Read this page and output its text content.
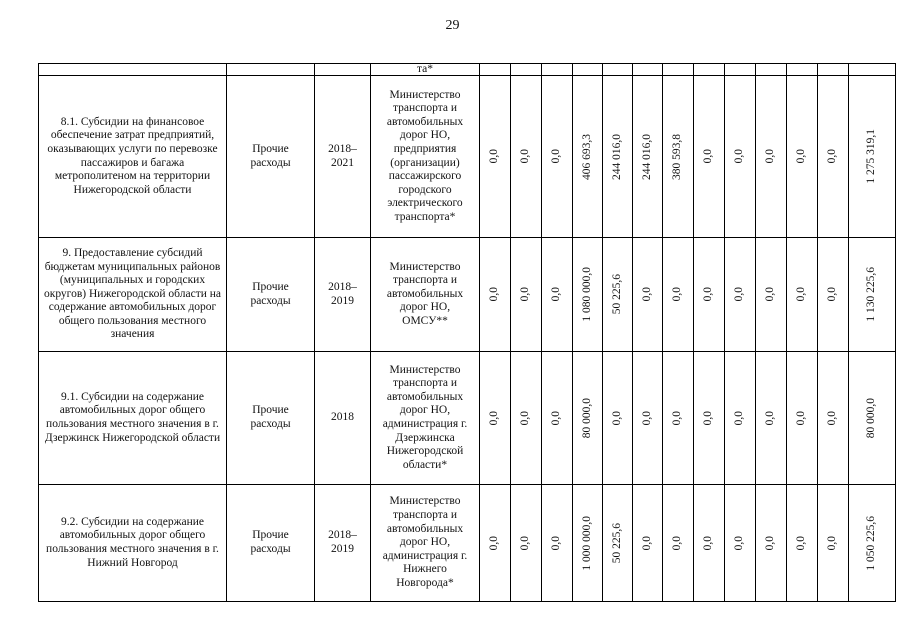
29
			та*													
8.1. Субсидии на финансовое обеспечение затрат предприятий, оказывающих услуги по перевозке пассажиров и багажа метрополитеном на территории Нижегородской области	Прочие расходы	2018–2021	Министерство транспорта и автомобильных дорог НО, предприятия (организации) пассажирского городского электрического транспорта*	0,0	0,0	0,0	406 693,3	244 016,0	244 016,0	380 593,8	0,0	0,0	0,0	0,0	0,0	1 275 319,1

9. Предоставление субсидий бюджетам муниципальных районов (муниципальных и городских округов) Нижегородской области на содержание автомобильных дорог общего пользования местного значения	Прочие расходы	2018–2019	Министерство транспорта и автомобильных дорог НО, ОМСУ**	0,0	0,0	0,0	1 080 000,0	50 225,6	0,0	0,0	0,0	0,0	0,0	0,0	0,0	1 130 225,6

9.1. Субсидии на содержание автомобильных дорог общего пользования местного значения в г. Дзержинск Нижегородской области	Прочие расходы	2018	Министерство транспорта и автомобильных дорог НО, администрация г. Дзержинска Нижегородской области*	0,0	0,0	0,0	80 000,0	0,0	0,0	0,0	0,0	0,0	0,0	0,0	0,0	80 000,0

9.2. Субсидии на содержание автомобильных дорог общего пользования местного значения в г. Нижний Новгород	Прочие расходы	2018–2019	Министерство транспорта и автомобильных дорог НО, администрация г. Нижнего Новгорода*	0,0	0,0	0,0	1 000 000,0	50 225,6	0,0	0,0	0,0	0,0	0,0	0,0	0,0	1 050 225,6
